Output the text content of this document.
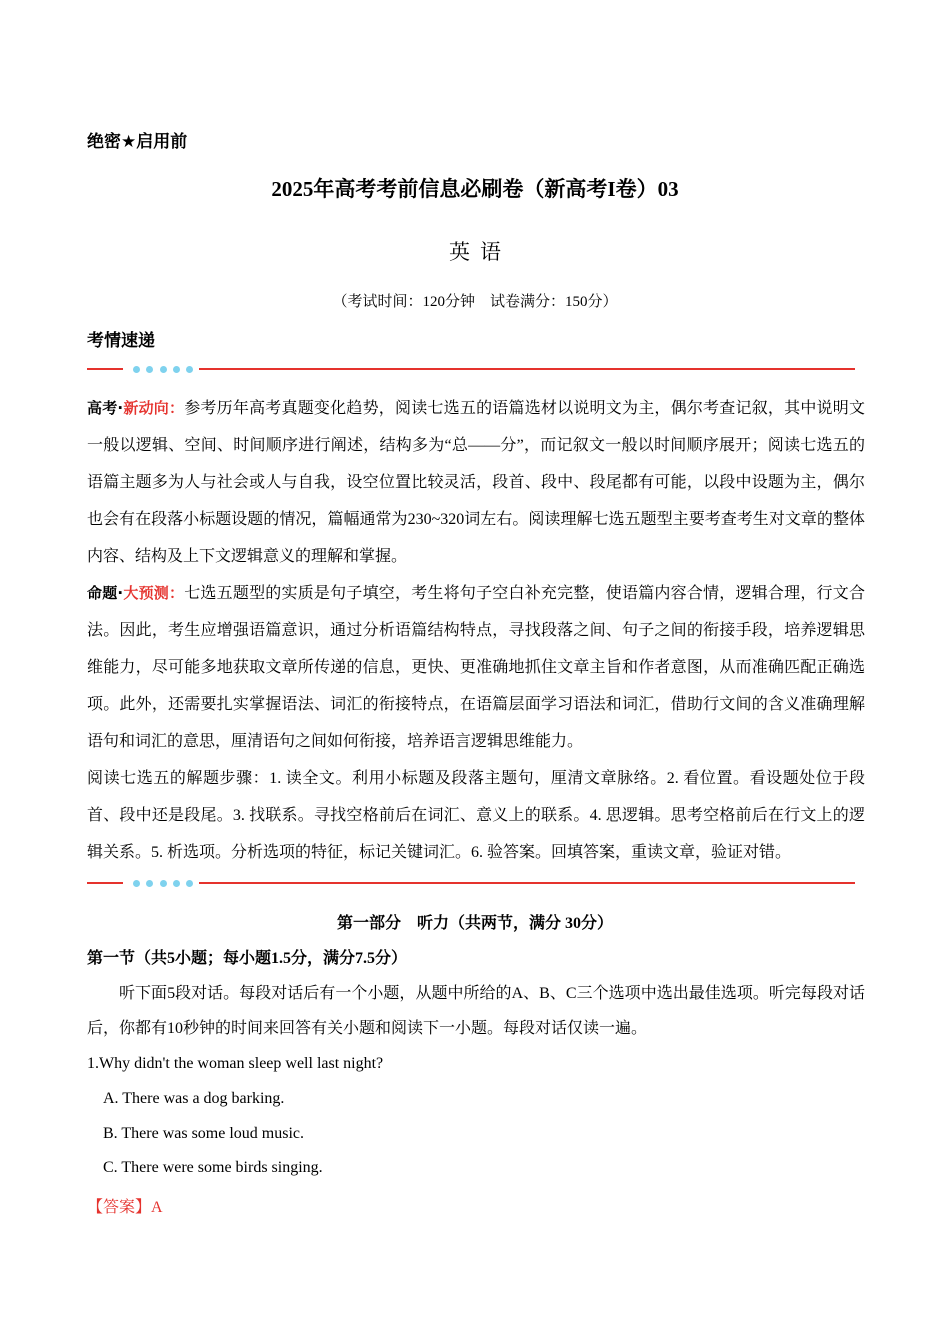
绝密★启用前
2025年高考考前信息必刷卷（新高考I卷）03
英语
（考试时间：120分钟　试卷满分：150分）
考情速递

高考·新动向：参考历年高考真题变化趋势，阅读七选五的语篇选材以说明文为主，偶尔考查记叙，其中说明文一般以逻辑、空间、时间顺序进行阐述，结构多为“总——分”，而记叙文一般以时间顺序展开；阅读七选五的语篇主题多为人与社会或人与自我，设空位置比较灵活，段首、段中、段尾都有可能，以段中设题为主，偶尔也会有在段落小标题设题的情况，篇幅通常为230~320词左右。阅读理解七选五题型主要考查考生对文章的整体内容、结构及上下文逻辑意义的理解和掌握。

命题·大预测：七选五题型的实质是句子填空，考生将句子空白补充完整，使语篇内容合情，逻辑合理，行文合法。因此，考生应增强语篇意识，通过分析语篇结构特点，寻找段落之间、句子之间的衔接手段，培养逻辑思维能力，尽可能多地获取文章所传递的信息，更快、更准确地抓住文章主旨和作者意图，从而准确匹配正确选项。此外，还需要扎实掌握语法、词汇的衔接特点，在语篇层面学习语法和词汇，借助行文间的含义准确理解语句和词汇的意思，厘清语句之间如何衔接，培养语言逻辑思维能力。

阅读七选五的解题步骤：1. 读全文。利用小标题及段落主题句，厘清文章脉络。2. 看位置。看设题处位于段首、段中还是段尾。3. 找联系。寻找空格前后在词汇、意义上的联系。4. 思逻辑。思考空格前后在行文上的逻辑关系。5. 析选项。分析选项的特征，标记关键词汇。6. 验答案。回填答案，重读文章，验证对错。

第一部分　听力（共两节，满分 30分）
第一节（共5小题；每小题1.5分，满分7.5分）
听下面5段对话。每段对话后有一个小题，从题中所给的A、B、C三个选项中选出最佳选项。听完每段对话后，你都有10秒钟的时间来回答有关小题和阅读下一小题。每段对话仅读一遍。
1.Why didn't the woman sleep well last night?
A. There was a dog barking.
B. There was some loud music.
C. There were some birds singing.
【答案】A
